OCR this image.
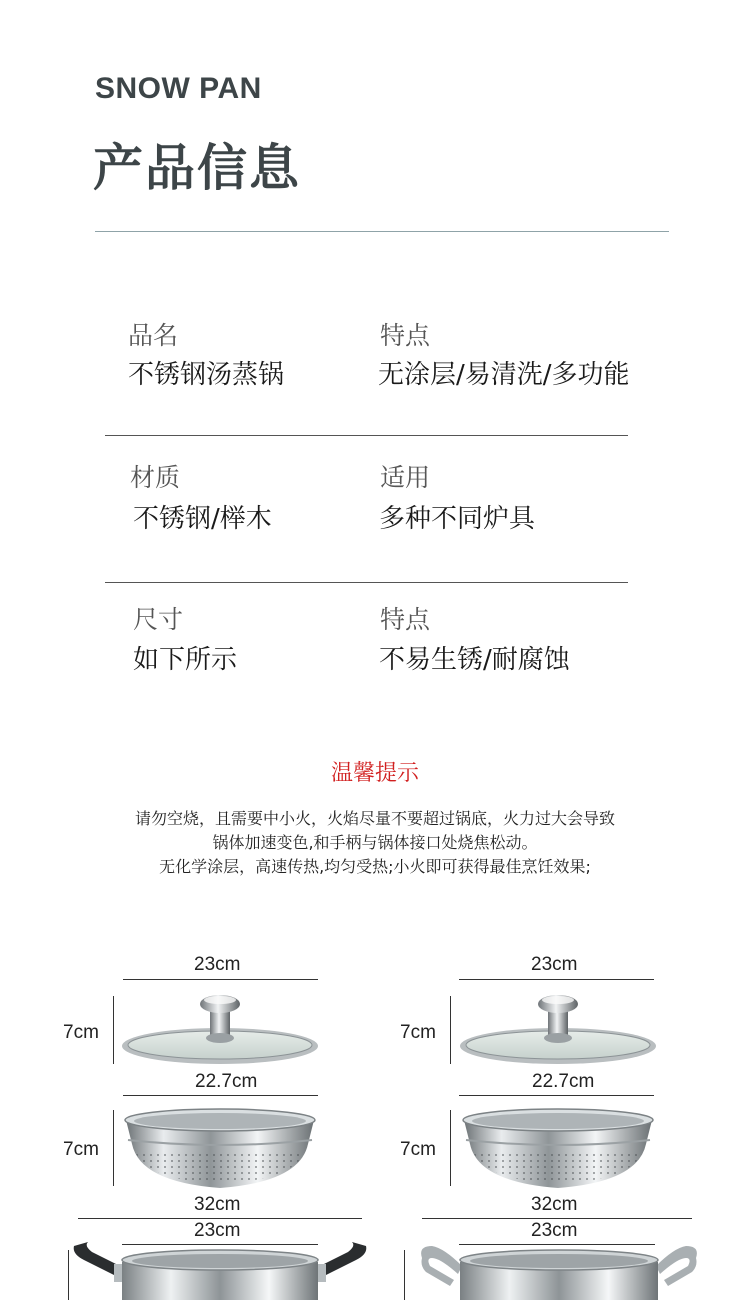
SNOW PAN
产品信息
品名
不锈钢汤蒸锅
特点
无涂层/易清洗/多功能
材质
不锈钢/榉木
适用
多种不同炉具
尺寸
如下所示
特点
不易生锈/耐腐蚀
温馨提示
请勿空烧，且需要中小火，火焰尽量不要超过锅底，火力过大会导致
锅体加速变色,和手柄与锅体接口处烧焦松动。
无化学涂层，高速传热,均匀受热;小火即可获得最佳烹饪效果;
23cm
7cm
22.7cm
7cm
32cm
23cm
23cm
7cm
22.7cm
7cm
32cm
23cm
